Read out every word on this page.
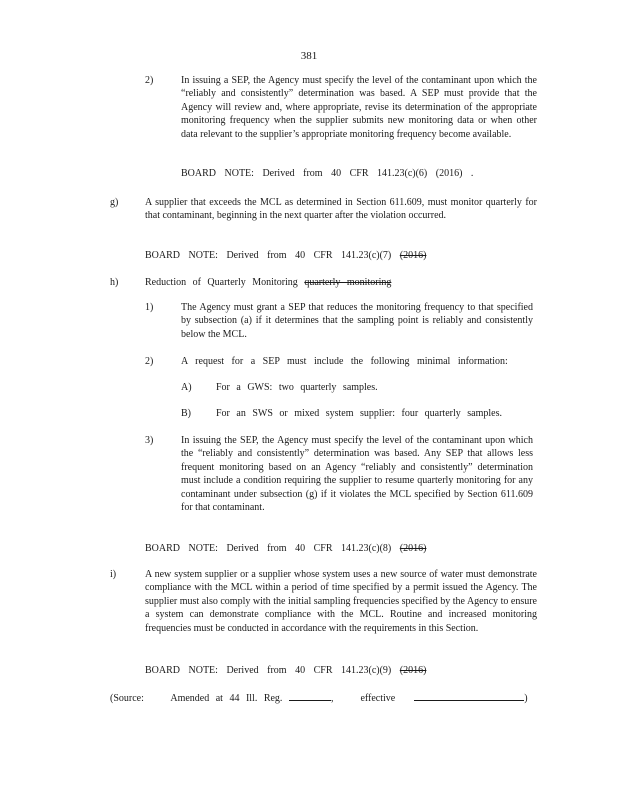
381
2)	In issuing a SEP, the Agency must specify the level of the contaminant upon which the “reliably and consistently” determination was based. A SEP must provide that the Agency will review and, where appropriate, revise its determination of the appropriate monitoring frequency when the supplier submits new monitoring data or when other data relevant to the supplier’s appropriate monitoring frequency become available.
BOARD NOTE: Derived from 40 CFR 141.23(c)(6) (2016) .
g)	A supplier that exceeds the MCL as determined in Section 611.609, must monitor quarterly for that contaminant, beginning in the next quarter after the violation occurred.
BOARD NOTE: Derived from 40 CFR 141.23(c)(7) (2016)
h)	Reduction of Quarterly Monitoring quarterly monitoring
1)	The Agency must grant a SEP that reduces the monitoring frequency to that specified by subsection (a) if it determines that the sampling point is reliably and consistently below the MCL.
2)	A request for a SEP must include the following minimal information:
A) For a GWS: two quarterly samples.
B)	For an SWS or mixed system supplier: four quarterly samples.
3)	In issuing the SEP, the Agency must specify the level of the contaminant upon which the “reliably and consistently” determination was based. Any SEP that allows less frequent monitoring based on an Agency “reliably and consistently” determination must include a condition requiring the supplier to resume quarterly monitoring for any contaminant under subsection (g) if it violates the MCL specified by Section 611.609 for that contaminant.
BOARD NOTE: Derived from 40 CFR 141.23(c)(8) (2016)
i)	A new system supplier or a supplier whose system uses a new source of water must demonstrate compliance with the MCL within a period of time specified by a permit issued the Agency. The supplier must also comply with the initial sampling frequencies specified by the Agency to ensure a system can demonstrate compliance with the MCL. Routine and increased monitoring frequencies must be conducted in accordance with the requirements in this Section.
BOARD NOTE: Derived from 40 CFR 141.23(c)(9) (2016)
(Source:	Amended at 44 Ill. Reg.	,	effective	)
